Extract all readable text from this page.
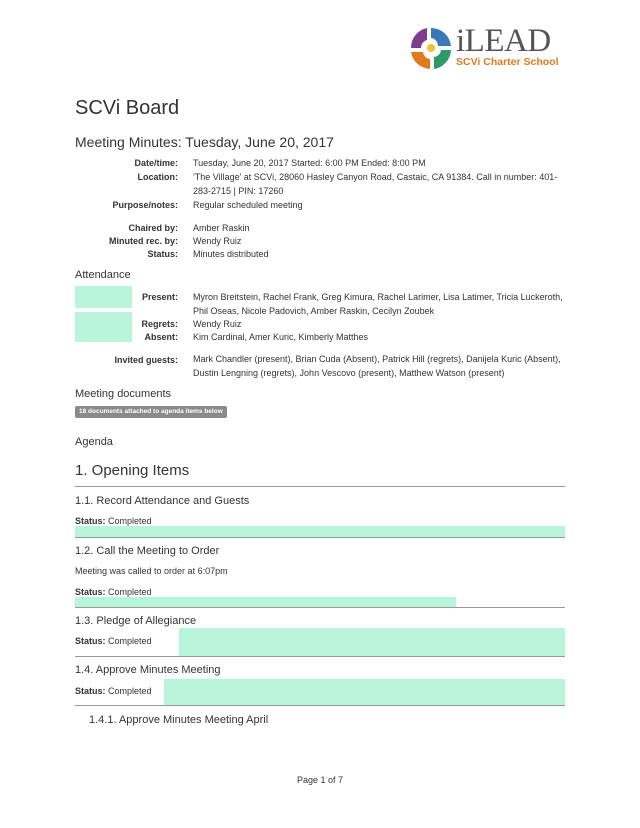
iLEAD
SCVi Charter School
SCVi Board
Meeting Minutes: Tuesday, June 20, 2017
Date/time: Tuesday, June 20, 2017 Started: 6:00 PM Ended: 8:00 PM
Location: 'The Village' at SCVi, 28060 Hasley Canyon Road, Castaic, CA 91384. Call in number: 401-283-2715 | PIN: 17260
Purpose/notes: Regular scheduled meeting
Chaired by: Amber Raskin
Minuted rec. by: Wendy Ruiz
Status: Minutes distributed
Attendance
Present: Myron Breitstein, Rachel Frank, Greg Kimura, Rachel Larimer, Lisa Latimer, Tricia Luckeroth, Phil Oseas, Nicole Padovich, Amber Raskin, Cecilyn Zoubek
Regrets: Wendy Ruiz
Absent: Kim Cardinal, Amer Kuric, Kimberly Matthes
Invited guests: Mark Chandler (present), Brian Cuda (Absent), Patrick Hill (regrets), Danijela Kuric (Absent), Dustin Lengning (regrets), John Vescovo (present), Matthew Watson (present)
Meeting documents
18 documents attached to agenda items below
Agenda
1. Opening Items
1.1. Record Attendance and Guests
Status: Completed
1.2. Call the Meeting to Order
Meeting was called to order at 6:07pm
Status: Completed
1.3. Pledge of Allegiance
Status: Completed
1.4. Approve Minutes Meeting
Status: Completed
1.4.1. Approve Minutes Meeting April
Page 1 of 7
